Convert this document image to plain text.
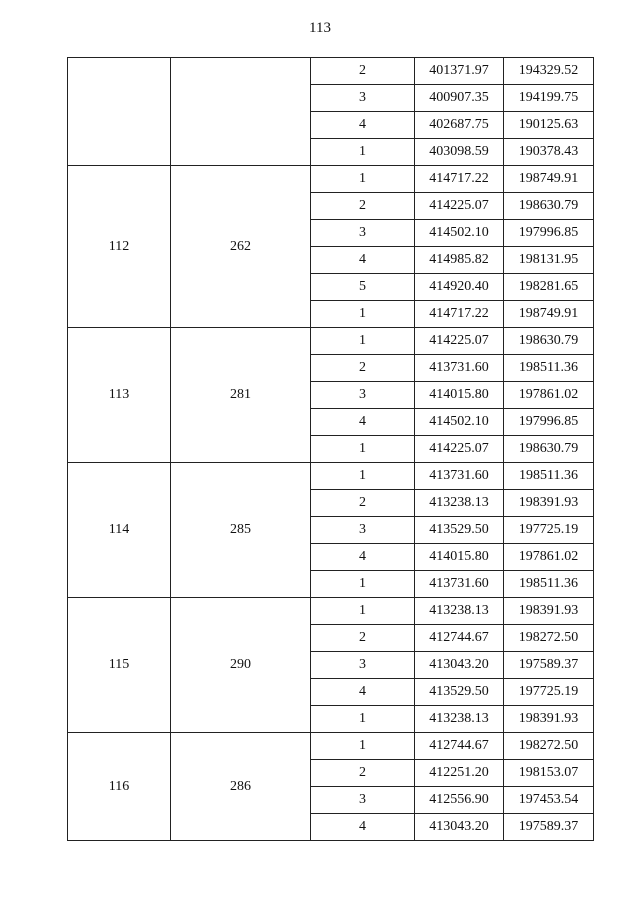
113
		2	401371.97	194329.52
		3	400907.35	194199.75
		4	402687.75	190125.63
		1	403098.59	190378.43
112	262	1	414717.22	198749.91
		2	414225.07	198630.79
		3	414502.10	197996.85
		4	414985.82	198131.95
		5	414920.40	198281.65
		1	414717.22	198749.91
113	281	1	414225.07	198630.79
		2	413731.60	198511.36
		3	414015.80	197861.02
		4	414502.10	197996.85
		1	414225.07	198630.79
114	285	1	413731.60	198511.36
		2	413238.13	198391.93
		3	413529.50	197725.19
		4	414015.80	197861.02
		1	413731.60	198511.36
115	290	1	413238.13	198391.93
		2	412744.67	198272.50
		3	413043.20	197589.37
		4	413529.50	197725.19
		1	413238.13	198391.93
116	286	1	412744.67	198272.50
		2	412251.20	198153.07
		3	412556.90	197453.54
		4	413043.20	197589.37
